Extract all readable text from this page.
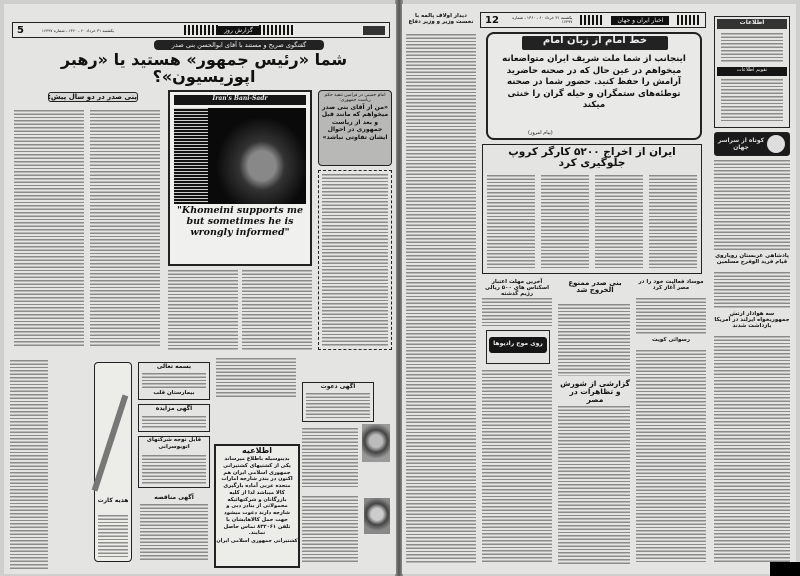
5	یکشنبه ۳۱ خرداد ۶۰ ـ ۱۳۶۰ ـ شماره ۱۶۴۹۷	گزارش روز
گفتگوی صریح و مستند با آقای ابوالحسن بنی صدر
شما «رئیس جمهور» هستید یا «رهبر اپوزیسیون»؟
بنی صدر در دو سال پیش:	Iran's Bani-Sadr
"Khomeini supports me but sometimes he is wrongly informed"
امام خمینی در فرامین تنفیذ حکم ریاست جمهوری:
«من از آقای بنی صدر میخواهم که مانند قبل و بعد از ریاست جمهوری در احوال ایشان تفاوتی نباشد»
هدیه کارت
بسمه تعالی
بیمارستان قلب
آگهی مزایده
قابل توجه شرکتهای اتوبوسرانی
آگهی مناقصه
اطلاعیه
بدینوسیله باطلاع میرساند یکی از کشتیهای کشتیرانی جمهوری اسلامی ایران هم اکنون در بندر شارجه امارات متحده عربی آماده بارگیری کالا میباشد لذا از کلیه بازرگانان و شرکتهائیکه محمولاتی از بنادر دبی و شارجه دارند دعوت میشود جهت حمل کالاهایشان با تلفن ۸۳۲۰۶۱ تماس حاصل نمایند.
کشتیرانی جمهوری اسلامی ایران
آگهی دعوت
دیدار اولاف پالمه با نخست وزیر و وزیر دفاع 12	یکشنبه ۳۱ خرداد ۶۰ ـ ۱۳۶۰ ـ شماره ۱۶۴۹۷	اخبار ایران و جهان
خط امام از زبان امام
اینجانب از شما ملت شریف ایران متواضعانه میخواهم در عین حال که در صحنه حاضرید آرامش را حفظ کنید. حضور شما در صحنه توطئه‌های ستمگران و حیله گران را خنثی میکند
(پیام امروز)
ایران از اخراج ۵۲۰۰ کارگر کروپ جلوگیری کرد
آخرین مهلت اعتبار اسکناس های ۵۰۰ ریالی رژیم گذشته
روی موج رادیوها
بنی صدر ممنوع الخروج شد
گزارشی از شورش و تظاهرات در مصر
موساد فعالیت خود را در مصر آغاز کرد
رسوائی کویت
اطلاعات
تقویم اطلاعات
کوتاه از سراسر جهان
پادشاهی عربستان رویاروی قیام فرید الوفرج مسلمین
سه هوادار ارتش جمهوریخواه ایرلند در آمریکا بازداشت شدند
